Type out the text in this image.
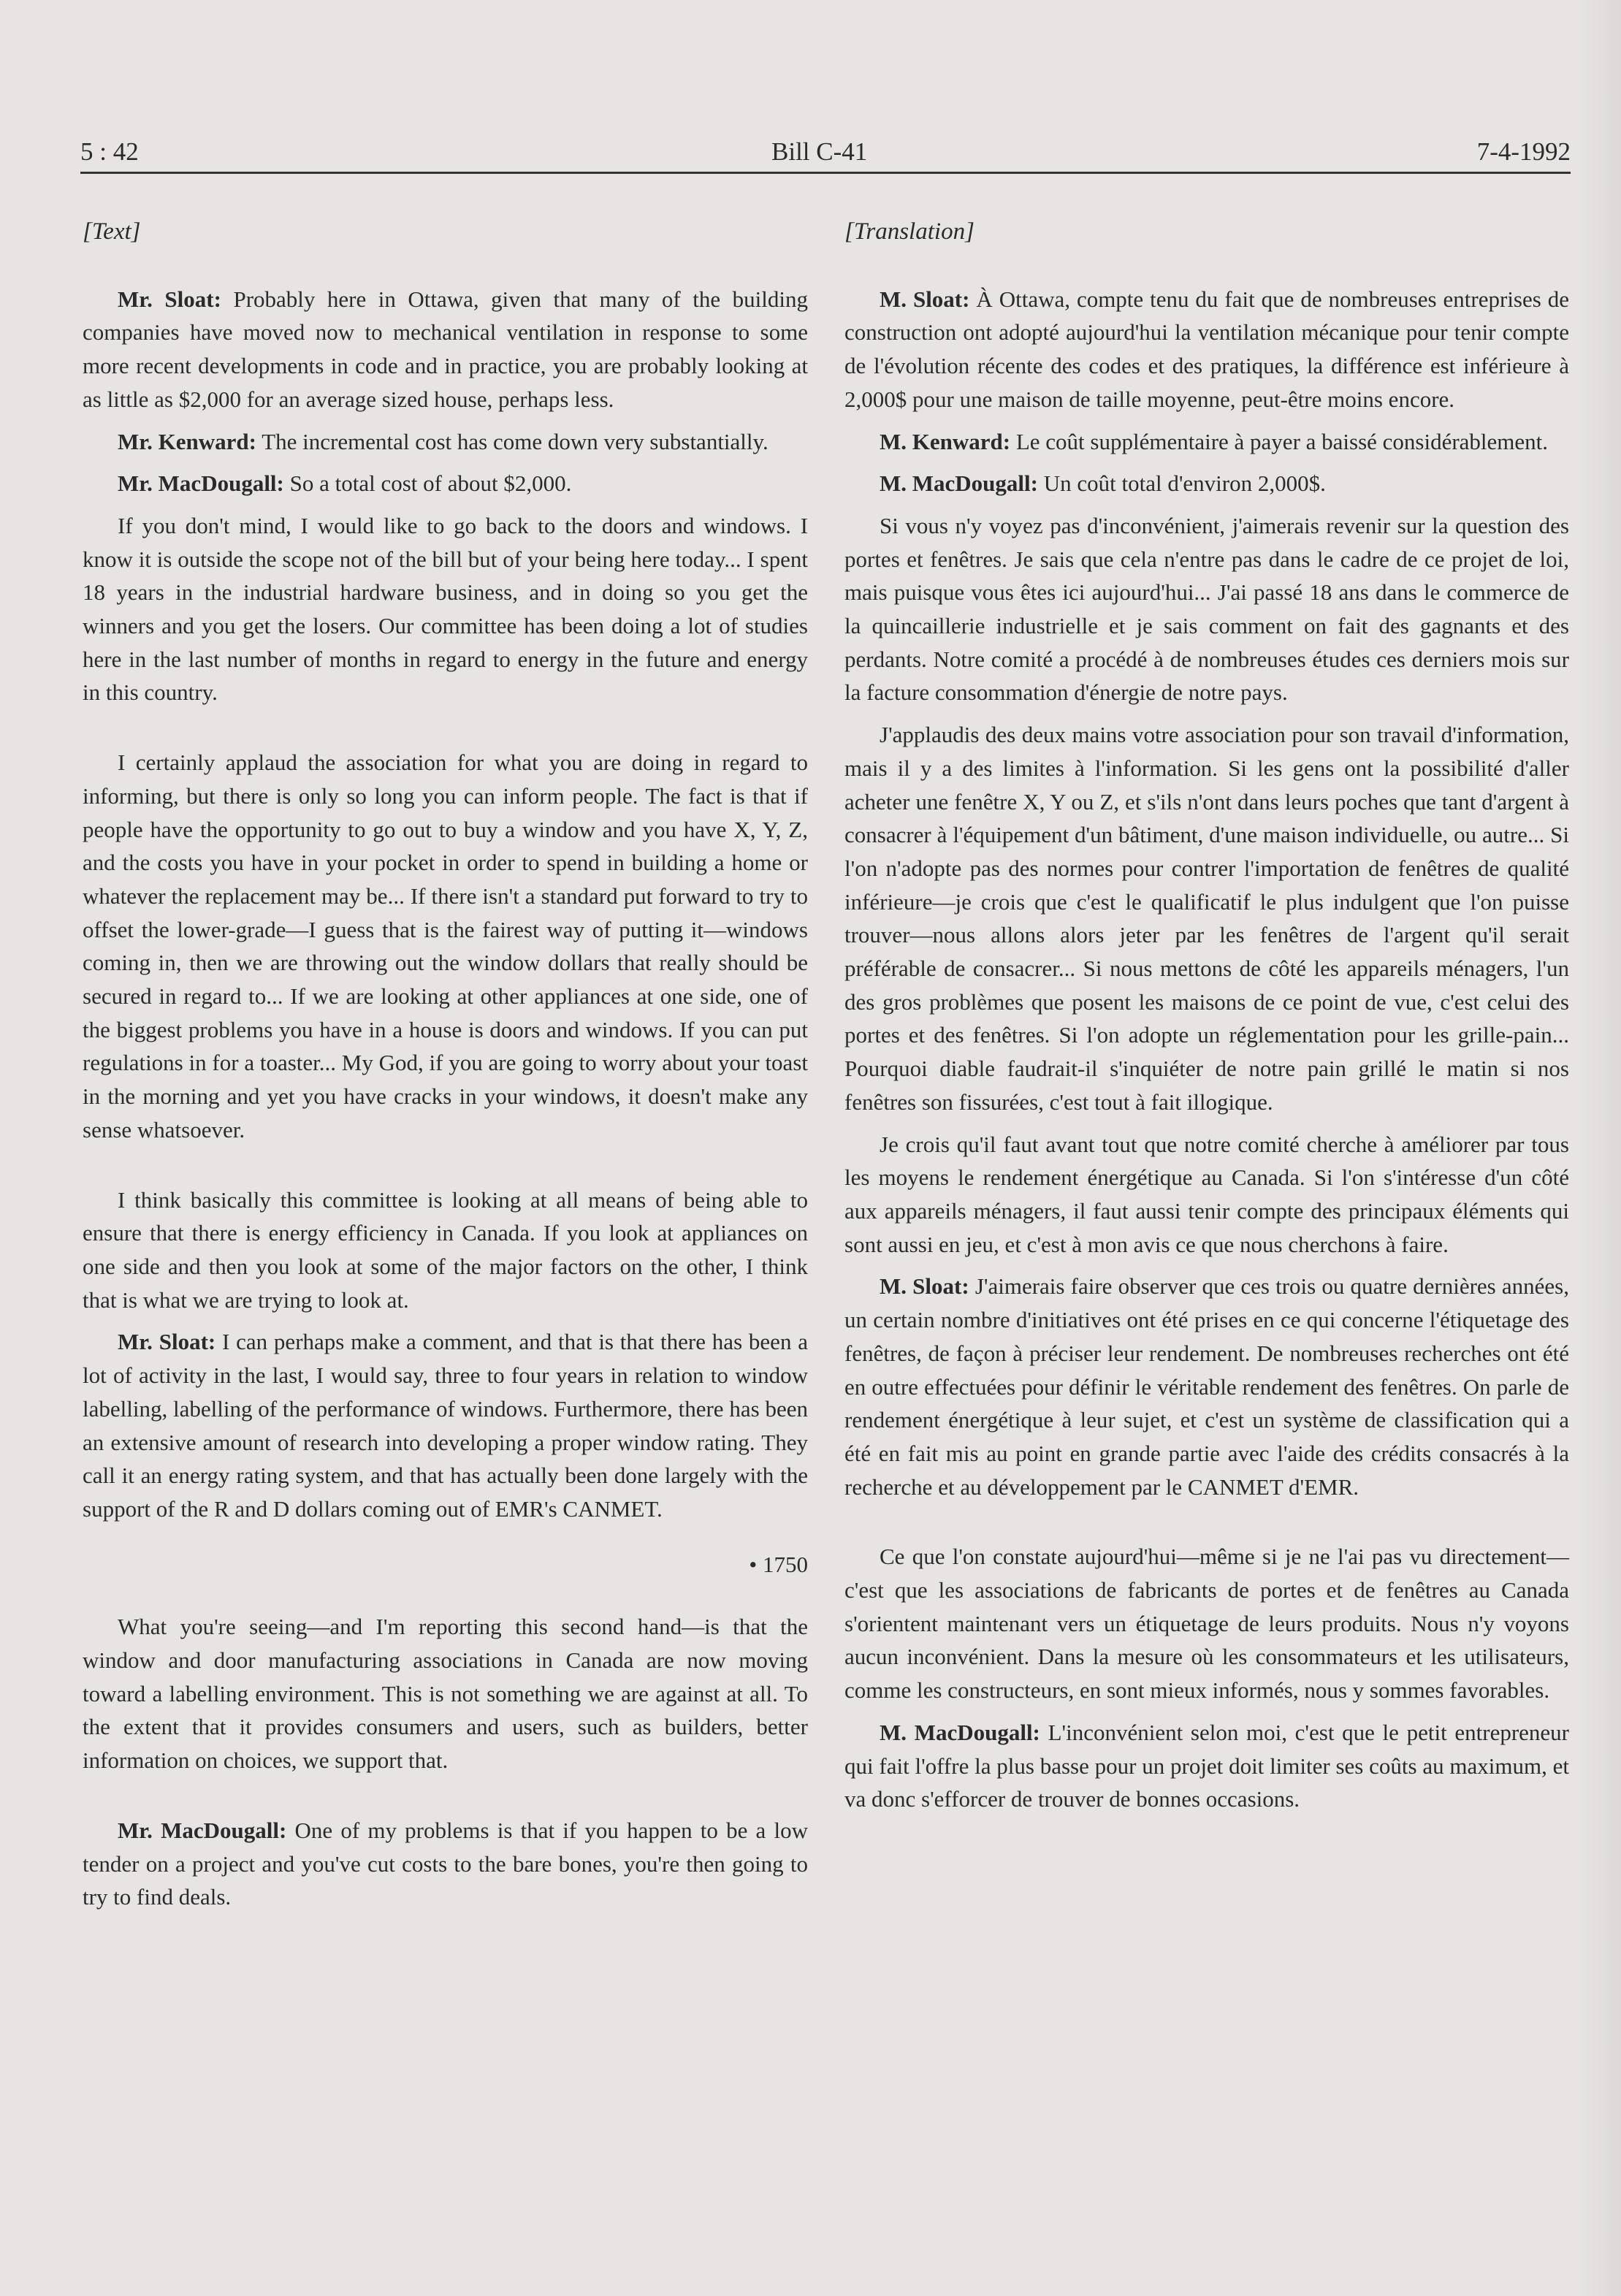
5 : 42	Bill C-41	7-4-1992
[Text]

Mr. Sloat: Probably here in Ottawa, given that many of the building companies have moved now to mechanical ventilation in response to some more recent developments in code and in practice, you are probably looking at as little as $2,000 for an average sized house, perhaps less.

Mr. Kenward: The incremental cost has come down very substantially.

Mr. MacDougall: So a total cost of about $2,000.

If you don't mind, I would like to go back to the doors and windows. I know it is outside the scope not of the bill but of your being here today... I spent 18 years in the industrial hardware business, and in doing so you get the winners and you get the losers. Our committee has been doing a lot of studies here in the last number of months in regard to energy in the future and energy in this country.

I certainly applaud the association for what you are doing in regard to informing, but there is only so long you can inform people. The fact is that if people have the opportunity to go out to buy a window and you have X, Y, Z, and the costs you have in your pocket in order to spend in building a home or whatever the replacement may be... If there isn't a standard put forward to try to offset the lower-grade—I guess that is the fairest way of putting it—windows coming in, then we are throwing out the window dollars that really should be secured in regard to... If we are looking at other appliances at one side, one of the biggest problems you have in a house is doors and windows. If you can put regulations in for a toaster... My God, if you are going to worry about your toast in the morning and yet you have cracks in your windows, it doesn't make any sense whatsoever.

I think basically this committee is looking at all means of being able to ensure that there is energy efficiency in Canada. If you look at appliances on one side and then you look at some of the major factors on the other, I think that is what we are trying to look at.

Mr. Sloat: I can perhaps make a comment, and that is that there has been a lot of activity in the last, I would say, three to four years in relation to window labelling, labelling of the performance of windows. Furthermore, there has been an extensive amount of research into developing a proper window rating. They call it an energy rating system, and that has actually been done largely with the support of the R and D dollars coming out of EMR's CANMET.

• 1750

What you're seeing—and I'm reporting this second hand—is that the window and door manufacturing associations in Canada are now moving toward a labelling environment. This is not something we are against at all. To the extent that it provides consumers and users, such as builders, better information on choices, we support that.

Mr. MacDougall: One of my problems is that if you happen to be a low tender on a project and you've cut costs to the bare bones, you're then going to try to find deals.

[Translation]

M. Sloat: À Ottawa, compte tenu du fait que de nombreuses entreprises de construction ont adopté aujourd'hui la ventilation mécanique pour tenir compte de l'évolution récente des codes et des pratiques, la différence est inférieure à 2,000$ pour une maison de taille moyenne, peut-être moins encore.

M. Kenward: Le coût supplémentaire à payer a baissé considérablement.

M. MacDougall: Un coût total d'environ 2,000$.

Si vous n'y voyez pas d'inconvénient, j'aimerais revenir sur la question des portes et fenêtres. Je sais que cela n'entre pas dans le cadre de ce projet de loi, mais puisque vous êtes ici aujourd'hui... J'ai passé 18 ans dans le commerce de la quincaillerie industrielle et je sais comment on fait des gagnants et des perdants. Notre comité a procédé à de nombreuses études ces derniers mois sur la facture consommation d'énergie de notre pays.

J'applaudis des deux mains votre association pour son travail d'information, mais il y a des limites à l'information. Si les gens ont la possibilité d'aller acheter une fenêtre X, Y ou Z, et s'ils n'ont dans leurs poches que tant d'argent à consacrer à l'équipement d'un bâtiment, d'une maison individuelle, ou autre... Si l'on n'adopte pas des normes pour contrer l'importation de fenêtres de qualité inférieure—je crois que c'est le qualificatif le plus indulgent que l'on puisse trouver—nous allons alors jeter par les fenêtres de l'argent qu'il serait préférable de consacrer... Si nous mettons de côté les appareils ménagers, l'un des gros problèmes que posent les maisons de ce point de vue, c'est celui des portes et des fenêtres. Si l'on adopte un réglementation pour les grille-pain... Pourquoi diable faudrait-il s'inquiéter de notre pain grillé le matin si nos fenêtres son fissurées, c'est tout à fait illogique.

Je crois qu'il faut avant tout que notre comité cherche à améliorer par tous les moyens le rendement énergétique au Canada. Si l'on s'intéresse d'un côté aux appareils ménagers, il faut aussi tenir compte des principaux éléments qui sont aussi en jeu, et c'est à mon avis ce que nous cherchons à faire.

M. Sloat: J'aimerais faire observer que ces trois ou quatre dernières années, un certain nombre d'initiatives ont été prises en ce qui concerne l'étiquetage des fenêtres, de façon à préciser leur rendement. De nombreuses recherches ont été en outre effectuées pour définir le véritable rendement des fenêtres. On parle de rendement énergétique à leur sujet, et c'est un système de classification qui a été en fait mis au point en grande partie avec l'aide des crédits consacrés à la recherche et au développement par le CANMET d'EMR.

Ce que l'on constate aujourd'hui—même si je ne l'ai pas vu directement—c'est que les associations de fabricants de portes et de fenêtres au Canada s'orientent maintenant vers un étiquetage de leurs produits. Nous n'y voyons aucun inconvénient. Dans la mesure où les consommateurs et les utilisateurs, comme les constructeurs, en sont mieux informés, nous y sommes favorables.

M. MacDougall: L'inconvénient selon moi, c'est que le petit entrepreneur qui fait l'offre la plus basse pour un projet doit limiter ses coûts au maximum, et va donc s'efforcer de trouver de bonnes occasions.
